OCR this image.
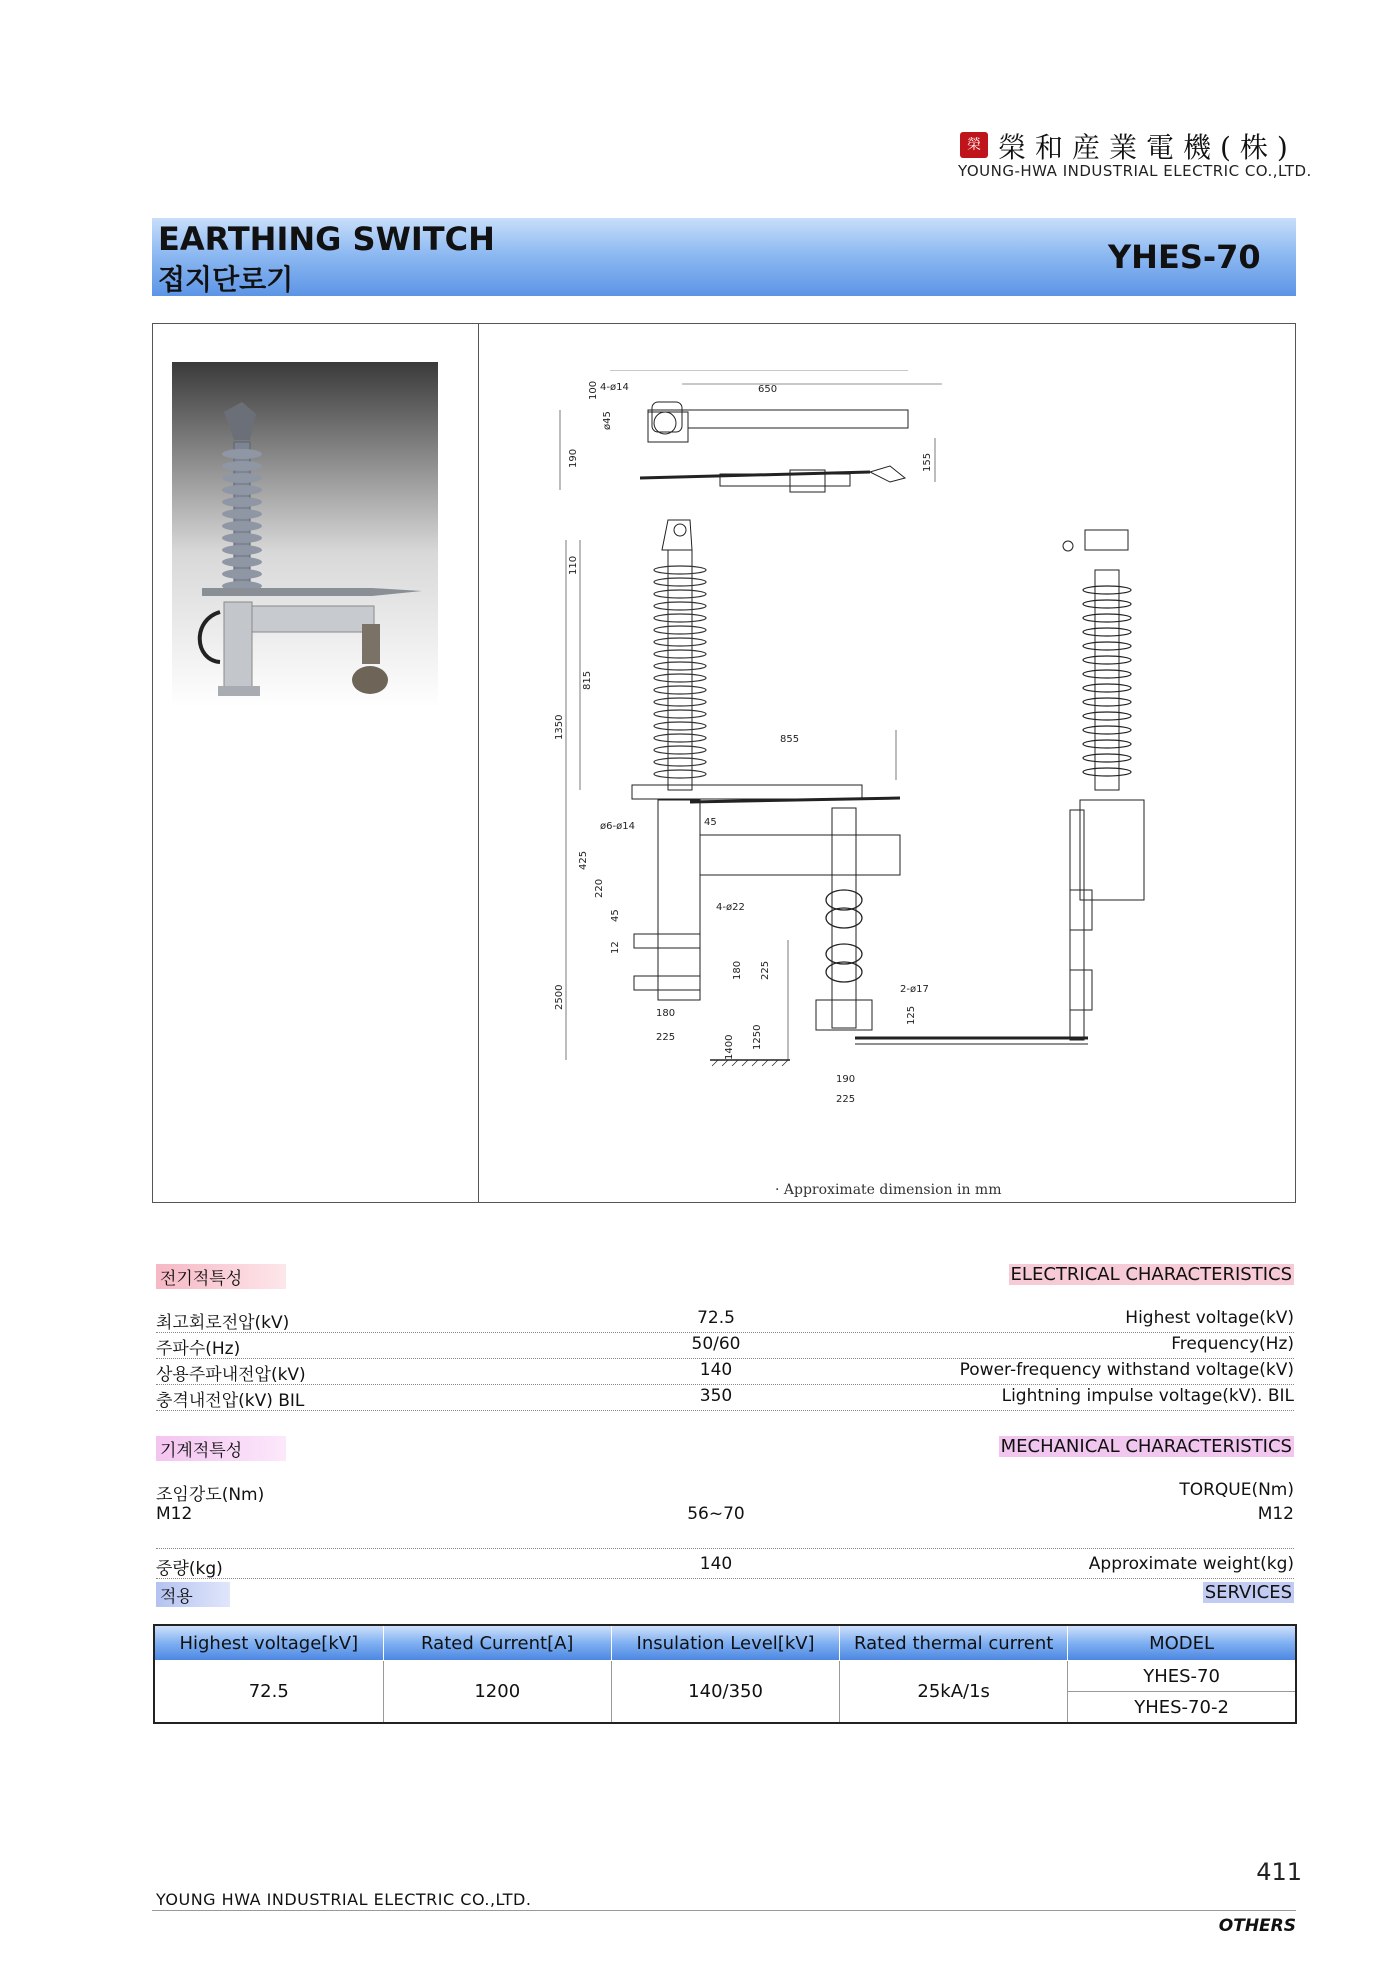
榮 榮和産業電機(株)
YOUNG-HWA INDUSTRIAL ELECTRIC CO.,LTD.
EARTHING SWITCH
접지단로기
YHES-70
4-ø14	650
100
ø45
190	155
110
815
1350	855
ø6-ø14	45
425
220
45
12
4-ø22
180 225
2500
180
225	1400 1250
2-ø17
125
190
225
· Approximate dimension in mm
전기적특성	ELECTRICAL CHARACTERISTICS
최고회로전압(kV)	72.5	Highest voltage(kV)
주파수(Hz)	50/60	Frequency(Hz)
상용주파내전압(kV)	140	Power-frequency withstand voltage(kV)
충격내전압(kV) BIL	350	Lightning impulse voltage(kV). BIL
기계적특성	MECHANICAL CHARACTERISTICS
조임강도(Nm)	TORQUE(Nm)
M12	56~70	M12
중량(kg)	140	Approximate weight(kg)
적용	SERVICES
Highest voltage[kV]	Rated Current[A]	Insulation Level[kV]	Rated thermal current	MODEL
72.5	1200	140/350	25kA/1s	YHES-70
				YHES-70-2
411
YOUNG HWA INDUSTRIAL ELECTRIC CO.,LTD.
OTHERS
